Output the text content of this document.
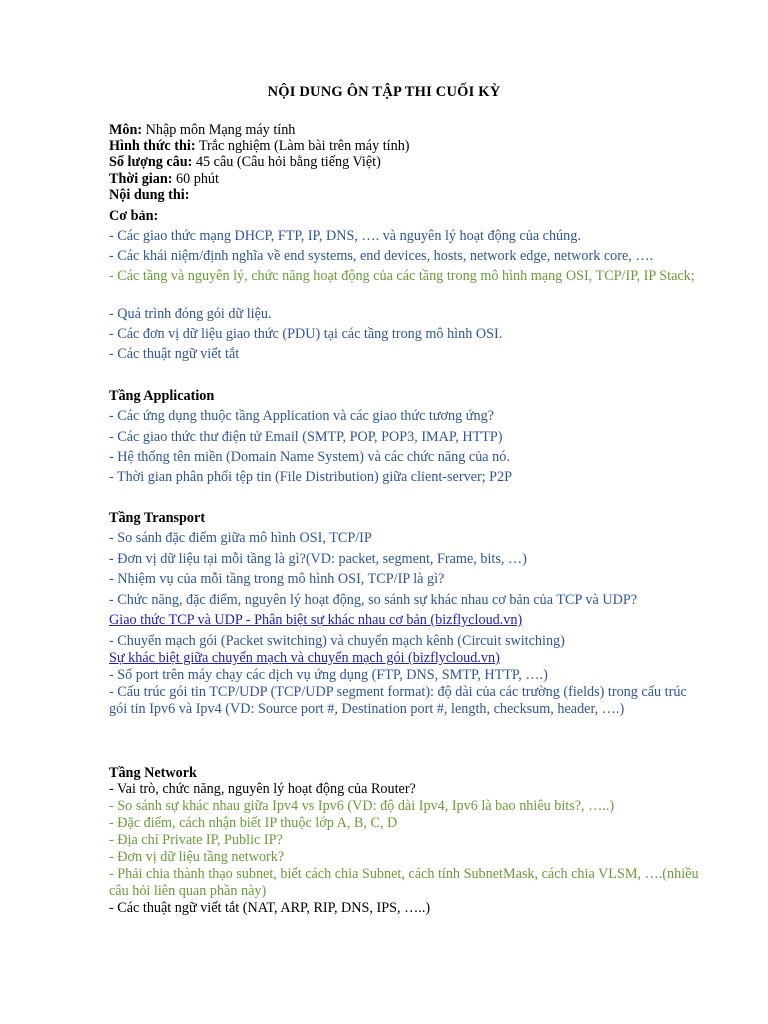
NỘI DUNG ÔN TẬP THI CUỐI KỲ
Môn: Nhập môn Mạng máy tính
Hình thức thi: Trắc nghiệm (Làm bài trên máy tính)
Số lượng câu: 45 câu (Câu hỏi bằng tiếng Việt)
Thời gian: 60 phút
Nội dung thi:
Cơ bản:
- Các giao thức mạng DHCP, FTP, IP, DNS, …. và nguyên lý hoạt động của chúng.
- Các khái niệm/định nghĩa về end systems, end devices, hosts, network edge, network core, ….
- Các tầng và nguyên lý, chức năng hoạt động của các tầng trong mô hình mạng OSI, TCP/IP, IP Stack;
- Quá trình đóng gói dữ liệu.
- Các đơn vị dữ liệu giao thức (PDU) tại các tầng trong mô hình OSI.
- Các thuật ngữ viết tắt
Tầng Application
- Các ứng dụng thuộc tầng Application và các giao thức tương ứng?
- Các giao thức thư điện tử Email (SMTP, POP, POP3, IMAP, HTTP)
- Hệ thống tên miền (Domain Name System) và các chức năng của nó.
- Thời gian phân phối tệp tin (File Distribution) giữa client-server; P2P
Tầng Transport
- So sánh đặc điểm giữa mô hình OSI, TCP/IP
- Đơn vị dữ liệu tại mỗi tầng là gì?(VD: packet, segment, Frame, bits, …)
- Nhiệm vụ của mỗi tầng trong mô hình OSI, TCP/IP là gì?
- Chức năng, đặc điểm, nguyên lý hoạt động, so sánh sự khác nhau cơ bản của TCP và UDP?
Giao thức TCP và UDP - Phân biệt sự khác nhau cơ bản (bizflycloud.vn)
- Chuyển mạch gói (Packet switching) và chuyển mạch kênh (Circuit switching)
Sự khác biệt giữa chuyển mạch và chuyển mạch gói (bizflycloud.vn)
- Số port trên máy chạy các dịch vụ ứng dụng (FTP, DNS, SMTP, HTTP, ….)
- Cấu trúc gói tin TCP/UDP (TCP/UDP segment format): độ dài của các trường (fields) trong cấu trúc gói tin Ipv6 và Ipv4 (VD: Source port #, Destination port #, length, checksum, header, ….)
Tầng Network
- Vai trò, chức năng, nguyên lý hoạt động của Router?
- So sánh sự khác nhau giữa Ipv4 vs Ipv6 (VD: độ dài Ipv4, Ipv6 là bao nhiêu bits?, …..)
- Đặc điểm, cách nhận biết IP thuộc lớp A, B, C, D
- Địa chỉ Private IP, Public IP?
- Đơn vị dữ liệu tầng network?
- Phải chia thành thạo subnet, biết cách chia Subnet, cách tính SubnetMask, cách chia VLSM, ….(nhiều câu hỏi liên quan phần này)
- Các thuật ngữ viết tắt (NAT, ARP, RIP, DNS, IPS, …..)
